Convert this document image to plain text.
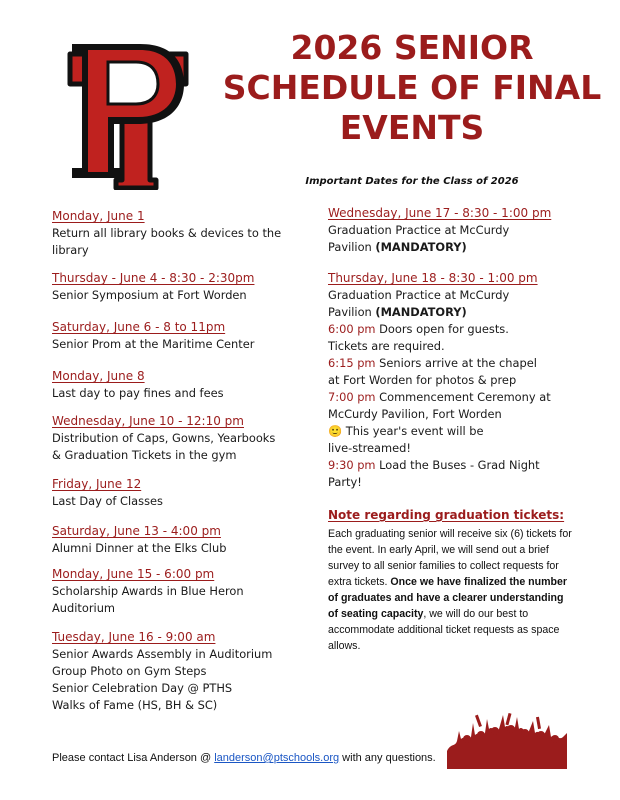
2026 SENIOR
SCHEDULE OF FINAL
EVENTS
Important Dates for the Class of 2026
Monday, June 1
Return all library books & devices to the
library
Thursday - June 4 - 8:30 - 2:30pm
Senior Symposium at Fort Worden
Saturday, June 6 - 8 to 11pm
Senior Prom at the Maritime Center
Monday, June 8
Last day to pay fines and fees
Wednesday, June 10 - 12:10 pm
Distribution of Caps, Gowns, Yearbooks
& Graduation Tickets in the gym
Friday, June 12
Last Day of Classes
Saturday, June 13 - 4:00 pm
Alumni Dinner at the Elks Club
Monday, June 15 - 6:00 pm
Scholarship Awards in Blue Heron
Auditorium
Tuesday, June 16 - 9:00 am
Senior Awards Assembly in Auditorium
Group Photo on Gym Steps
Senior Celebration Day @ PTHS
Walks of Fame (HS, BH & SC)
Wednesday, June 17 - 8:30 - 1:00 pm
Graduation Practice at McCurdy
Pavilion (MANDATORY)
Thursday, June 18 - 8:30 - 1:00 pm
Graduation Practice at McCurdy
Pavilion (MANDATORY)
6:00 pm Doors open for guests.
Tickets are required.
6:15 pm Seniors arrive at the chapel
at Fort Worden for photos & prep
7:00 pm Commencement Ceremony at
McCurdy Pavilion, Fort Worden
🙂 This year's event will be
live-streamed!
9:30 pm Load the Buses - Grad Night
Party!
Note regarding graduation tickets:
Each graduating senior will receive six (6) tickets for the event. In early April, we will send out a brief survey to all senior families to collect requests for extra tickets. Once we have finalized the number of graduates and have a clearer understanding of seating capacity, we will do our best to accommodate additional ticket requests as space allows.
Please contact Lisa Anderson @ landerson@ptschools.org with any questions.
